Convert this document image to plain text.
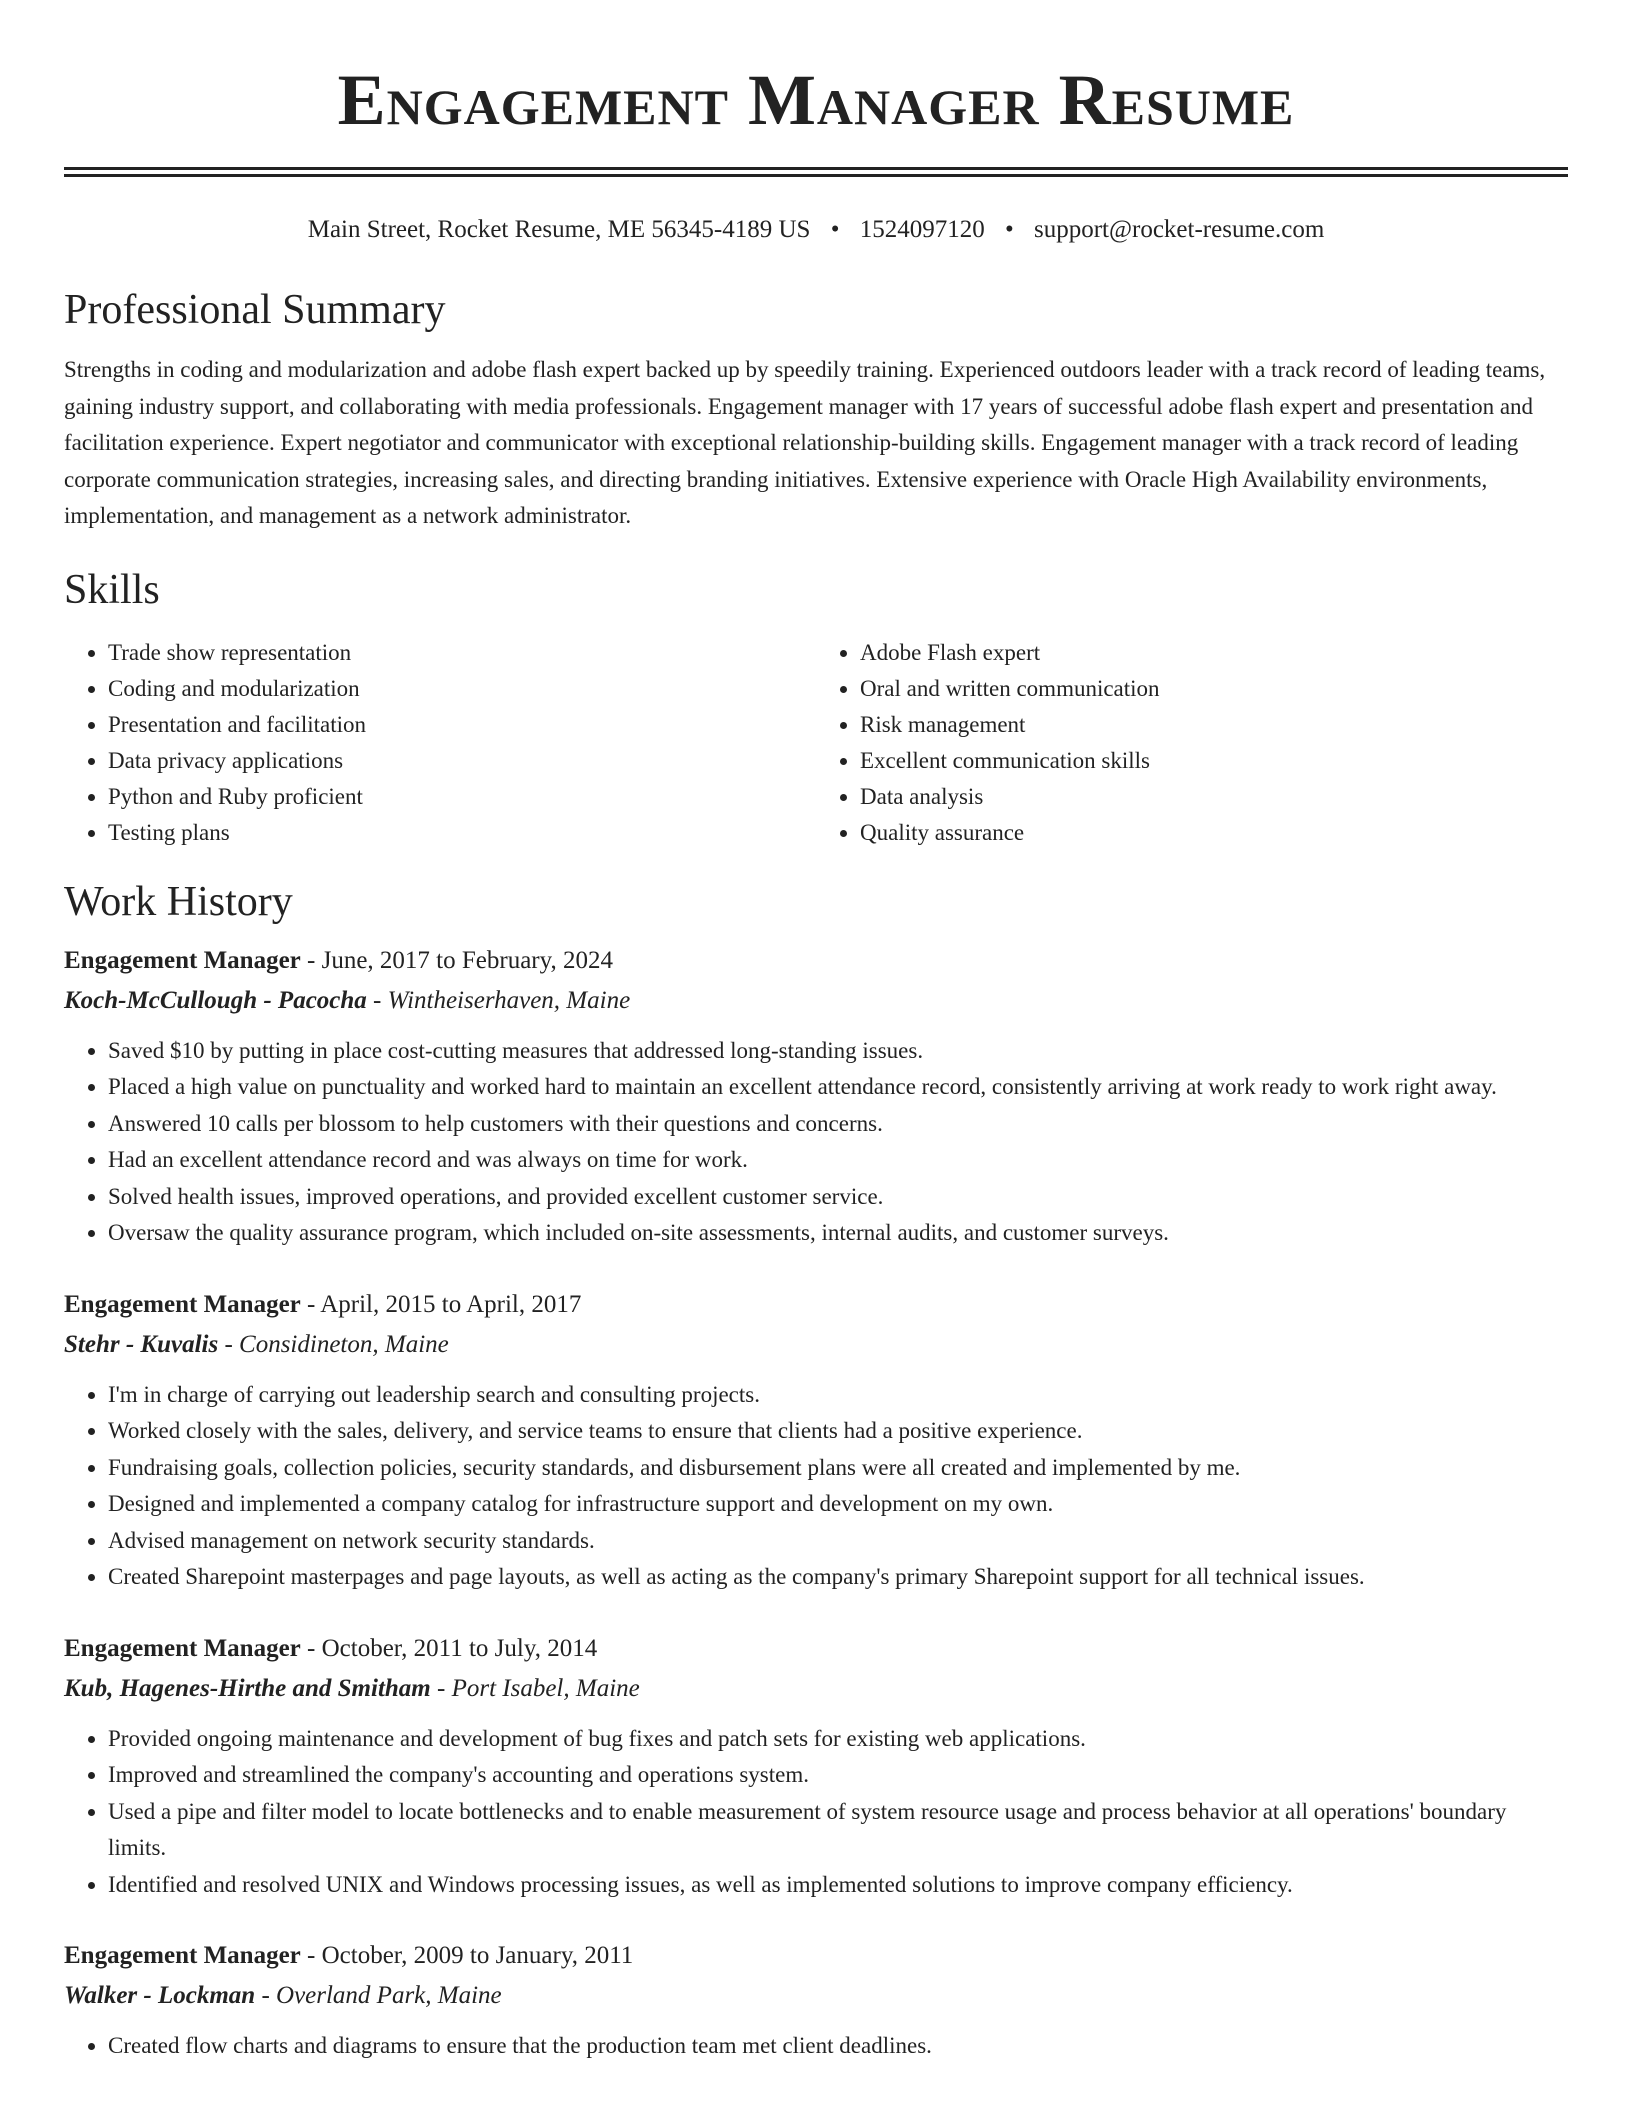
Engagement Manager Resume
Main Street, Rocket Resume, ME 56345-4189 US • 1524097120 • support@rocket-resume.com
Professional Summary

Strengths in coding and modularization and adobe flash expert backed up by speedily training. Experienced outdoors leader with a track record of leading teams, gaining industry support, and collaborating with media professionals. Engagement manager with 17 years of successful adobe flash expert and presentation and facilitation experience. Expert negotiator and communicator with exceptional relationship-building skills. Engagement manager with a track record of leading corporate communication strategies, increasing sales, and directing branding initiatives. Extensive experience with Oracle High Availability environments, implementation, and management as a network administrator.

Skills
• Trade show representation
• Coding and modularization
• Presentation and facilitation
• Data privacy applications
• Python and Ruby proficient
• Testing plans
• Adobe Flash expert
• Oral and written communication
• Risk management
• Excellent communication skills
• Data analysis
• Quality assurance
Work History
Engagement Manager - June, 2017 to February, 2024
Koch-McCullough - Pacocha - Wintheiserhaven, Maine
• Saved $10 by putting in place cost-cutting measures that addressed long-standing issues.
• Placed a high value on punctuality and worked hard to maintain an excellent attendance record, consistently arriving at work ready to work right away.
• Answered 10 calls per blossom to help customers with their questions and concerns.
• Had an excellent attendance record and was always on time for work.
• Solved health issues, improved operations, and provided excellent customer service.
• Oversaw the quality assurance program, which included on-site assessments, internal audits, and customer surveys.
Engagement Manager - April, 2015 to April, 2017
Stehr - Kuvalis - Considineton, Maine
• I'm in charge of carrying out leadership search and consulting projects.
• Worked closely with the sales, delivery, and service teams to ensure that clients had a positive experience.
• Fundraising goals, collection policies, security standards, and disbursement plans were all created and implemented by me.
• Designed and implemented a company catalog for infrastructure support and development on my own.
• Advised management on network security standards.
• Created Sharepoint masterpages and page layouts, as well as acting as the company's primary Sharepoint support for all technical issues.
Engagement Manager - October, 2011 to July, 2014
Kub, Hagenes-Hirthe and Smitham - Port Isabel, Maine
• Provided ongoing maintenance and development of bug fixes and patch sets for existing web applications.
• Improved and streamlined the company's accounting and operations system.
• Used a pipe and filter model to locate bottlenecks and to enable measurement of system resource usage and process behavior at all operations' boundary limits.
• Identified and resolved UNIX and Windows processing issues, as well as implemented solutions to improve company efficiency.
Engagement Manager - October, 2009 to January, 2011
Walker - Lockman - Overland Park, Maine
• Created flow charts and diagrams to ensure that the production team met client deadlines.
